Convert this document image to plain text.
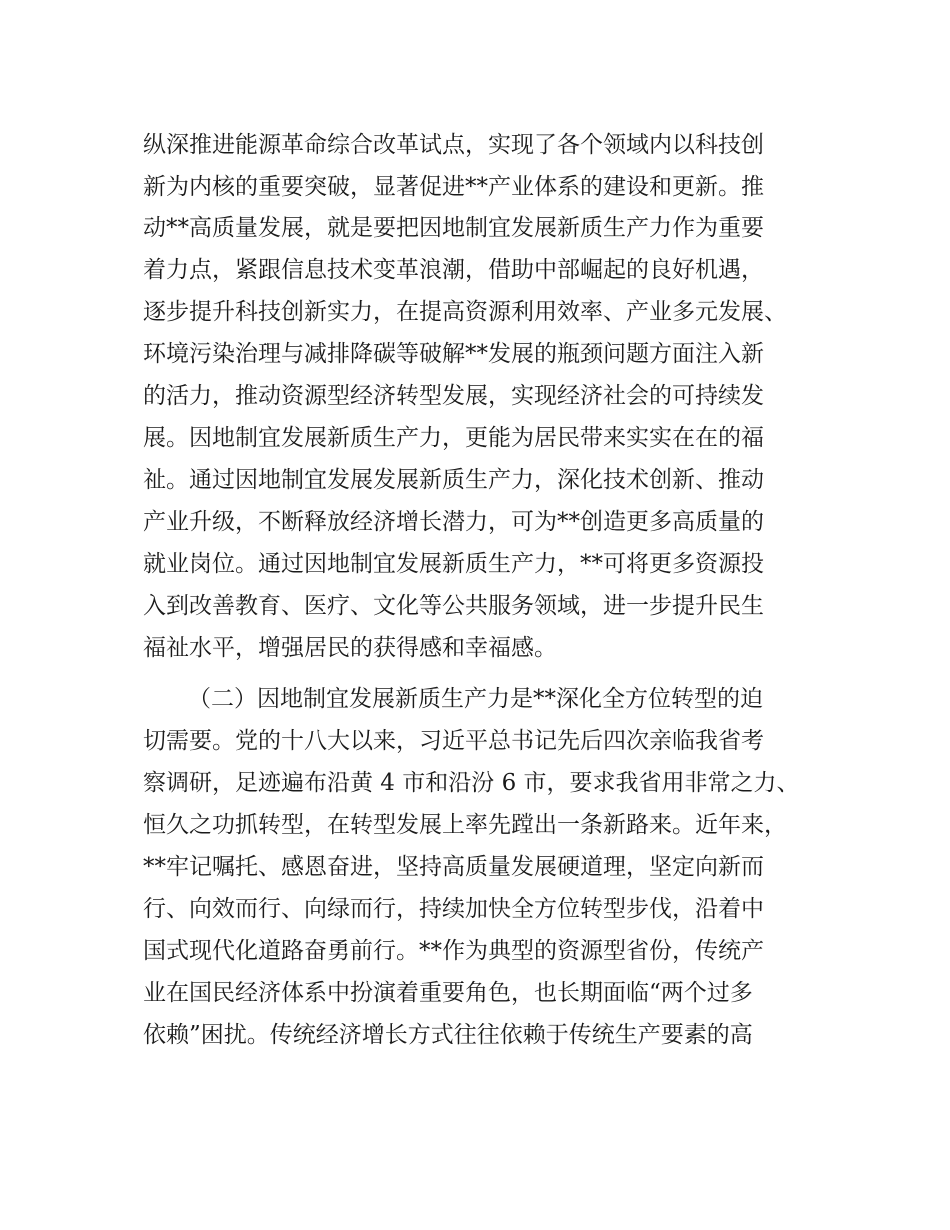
纵深推进能源革命综合改革试点，实现了各个领域内以科技创
新为内核的重要突破，显著促进**产业体系的建设和更新。推
动**高质量发展，就是要把因地制宜发展新质生产力作为重要
着力点，紧跟信息技术变革浪潮，借助中部崛起的良好机遇，
逐步提升科技创新实力，在提高资源利用效率、产业多元发展、
环境污染治理与减排降碳等破解**发展的瓶颈问题方面注入新
的活力，推动资源型经济转型发展，实现经济社会的可持续发
展。因地制宜发展新质生产力，更能为居民带来实实在在的福
祉。通过因地制宜发展发展新质生产力，深化技术创新、推动
产业升级，不断释放经济增长潜力，可为**创造更多高质量的
就业岗位。通过因地制宜发展新质生产力，**可将更多资源投
入到改善教育、医疗、文化等公共服务领域，进一步提升民生
福祉水平，增强居民的获得感和幸福感。
（二）因地制宜发展新质生产力是**深化全方位转型的迫
切需要。党的十八大以来，习近平总书记先后四次亲临我省考
察调研，足迹遍布沿黄 4 市和沿汾 6 市，要求我省用非常之力、
恒久之功抓转型，在转型发展上率先蹚出一条新路来。近年来，
**牢记嘱托、感恩奋进，坚持高质量发展硬道理，坚定向新而
行、向效而行、向绿而行，持续加快全方位转型步伐，沿着中
国式现代化道路奋勇前行。**作为典型的资源型省份，传统产
业在国民经济体系中扮演着重要角色，也长期面临“两个过多
依赖”困扰。传统经济增长方式往往依赖于传统生产要素的高
